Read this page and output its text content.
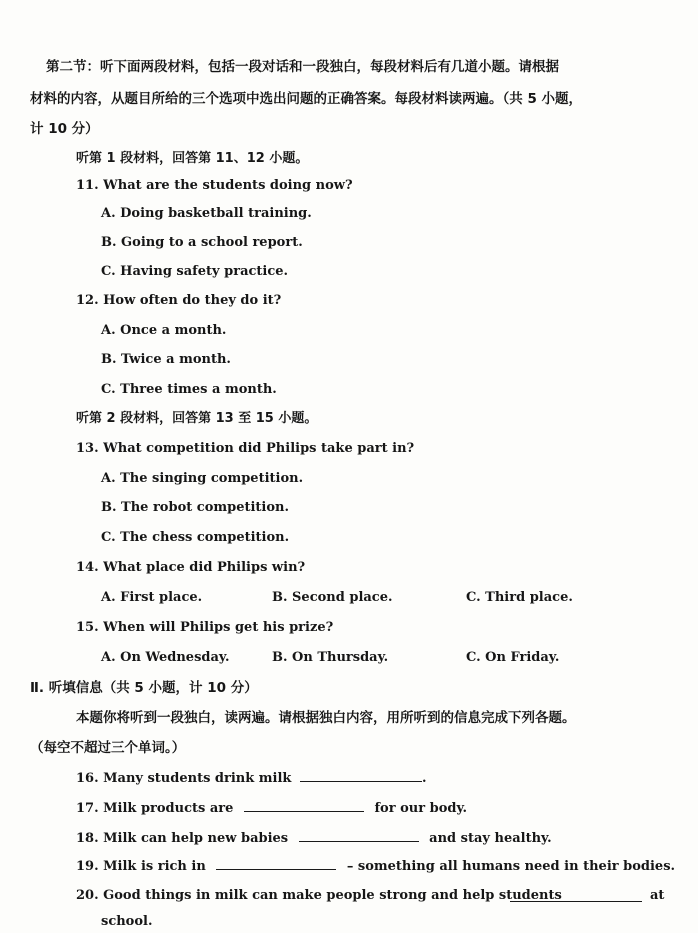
第二节：听下面两段材料，包括一段对话和一段独白，每段材料后有几道小题。请根据
材料的内容，从题目所给的三个选项中选出问题的正确答案。每段材料读两遍。（共 5 小题，
计 10 分）
听第 1 段材料，回答第 11、12 小题。
11. What are the students doing now?
A. Doing basketball training.
B. Going to a school report.
C. Having safety practice.
12. How often do they do it?
A. Once a month.
B. Twice a month.
C. Three times a month.
听第 2 段材料，回答第 13 至 15 小题。
13. What competition did Philips take part in?
A. The singing competition.
B. The robot competition.
C. The chess competition.
14. What place did Philips win?
A. First place.	B. Second place.	C. Third place.
15. When will Philips get his prize?
A. On Wednesday.	B. On Thursday.	C. On Friday.
Ⅱ. 听填信息（共 5 小题，计 10 分）
本题你将听到一段独白，读两遍。请根据独白内容，用所听到的信息完成下列各题。
（每空不超过三个单词。）
16. Many students drink milk	.
17. Milk products are	for our body.
18. Milk can help new babies	and stay healthy.
19. Milk is rich in	– something all humans need in their bodies.
20. Good things in milk can make people strong and help students	at
school.
